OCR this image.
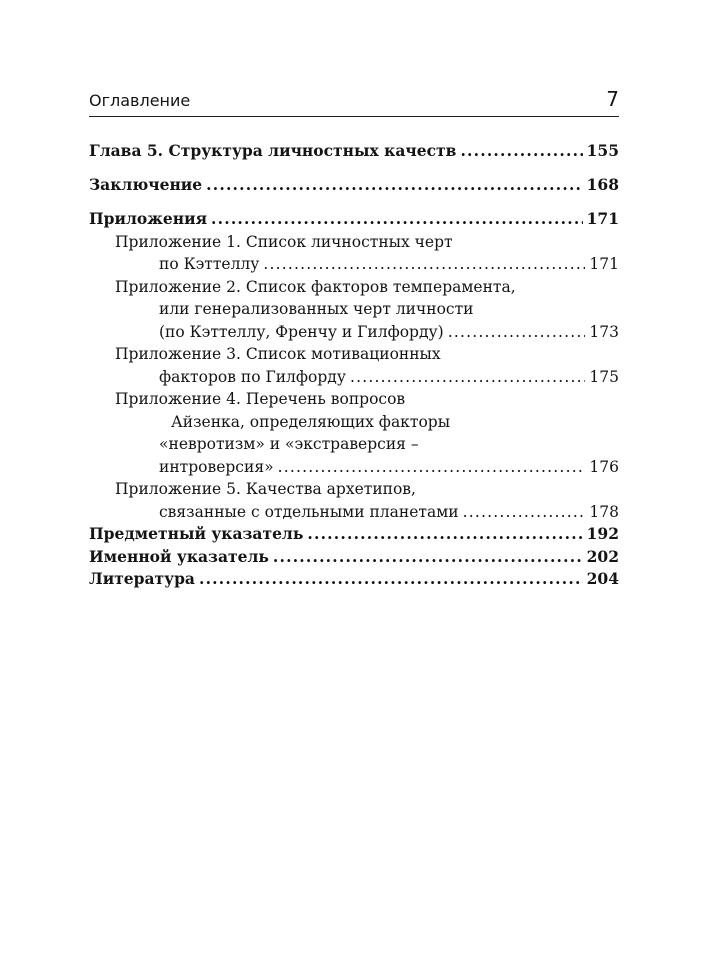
Оглавление	7
Глава 5. Структура личностных качеств .....	155
Заключение .....	168
Приложения .....	171
Приложение 1. Список личностных черт
по Кэттеллу .....	171
Приложение 2. Список факторов темперамента,
или генерализованных черт личности
(по Кэттеллу, Френчу и Гилфорду) .....	173
Приложение 3. Список мотивационных
факторов по Гилфорду .....	175
Приложение 4. Перечень вопросов
Айзенка, определяющих факторы
«невротизм» и «экстраверсия –
интроверсия» .....	176
Приложение 5. Качества архетипов,
связанные с отдельными планетами .....	178
Предметный указатель .....	192
Именной указатель .....	202
Литература .....	204
